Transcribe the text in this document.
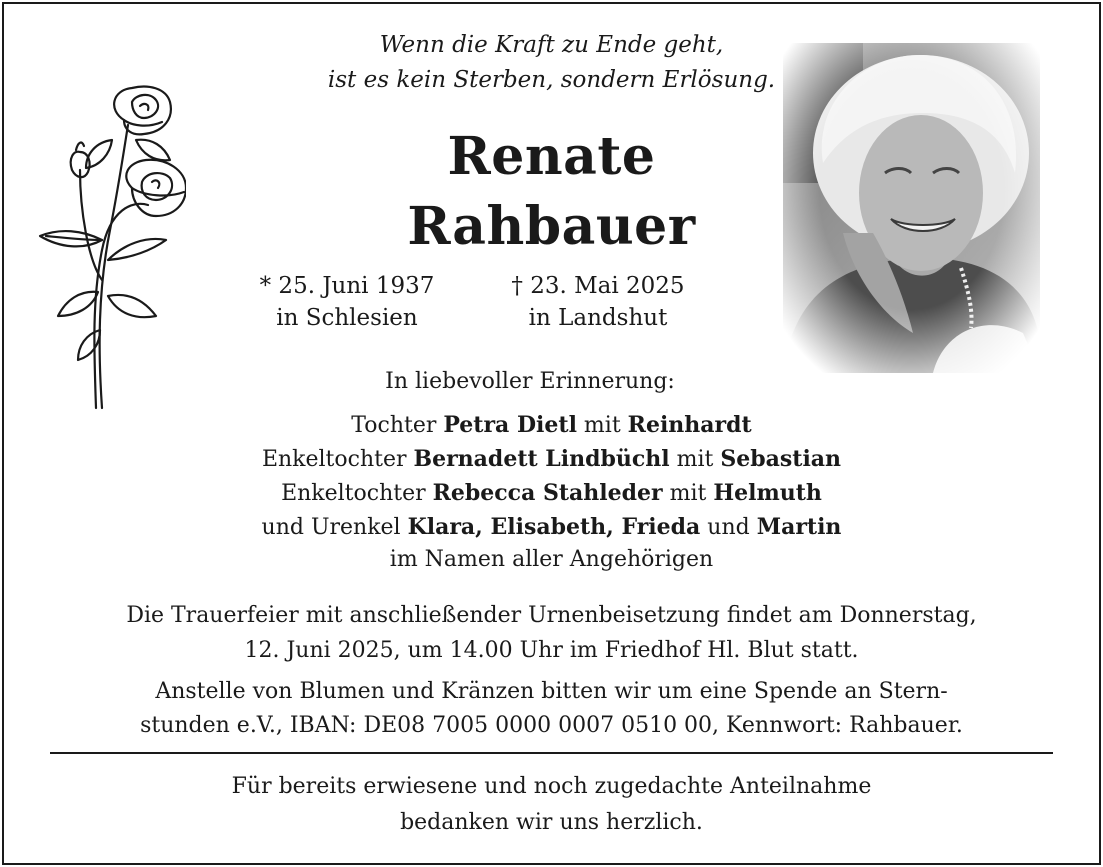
Wenn die Kraft zu Ende geht,
ist es kein Sterben, sondern Erlösung.
Renate
Rahbauer
* 25. Juni 1937
in Schlesien
† 23. Mai 2025
in Landshut
In liebevoller Erinnerung:
Tochter Petra Dietl mit Reinhardt
Enkeltochter Bernadett Lindbüchl mit Sebastian
Enkeltochter Rebecca Stahleder mit Helmuth
und Urenkel Klara, Elisabeth, Frieda und Martin
im Namen aller Angehörigen
Die Trauerfeier mit anschließender Urnenbeisetzung findet am Donnerstag,
12. Juni 2025, um 14.00 Uhr im Friedhof Hl. Blut statt.
Anstelle von Blumen und Kränzen bitten wir um eine Spende an Stern-
stunden e.V., IBAN: DE08 7005 0000 0007 0510 00, Kennwort: Rahbauer.
Für bereits erwiesene und noch zugedachte Anteilnahme
bedanken wir uns herzlich.
